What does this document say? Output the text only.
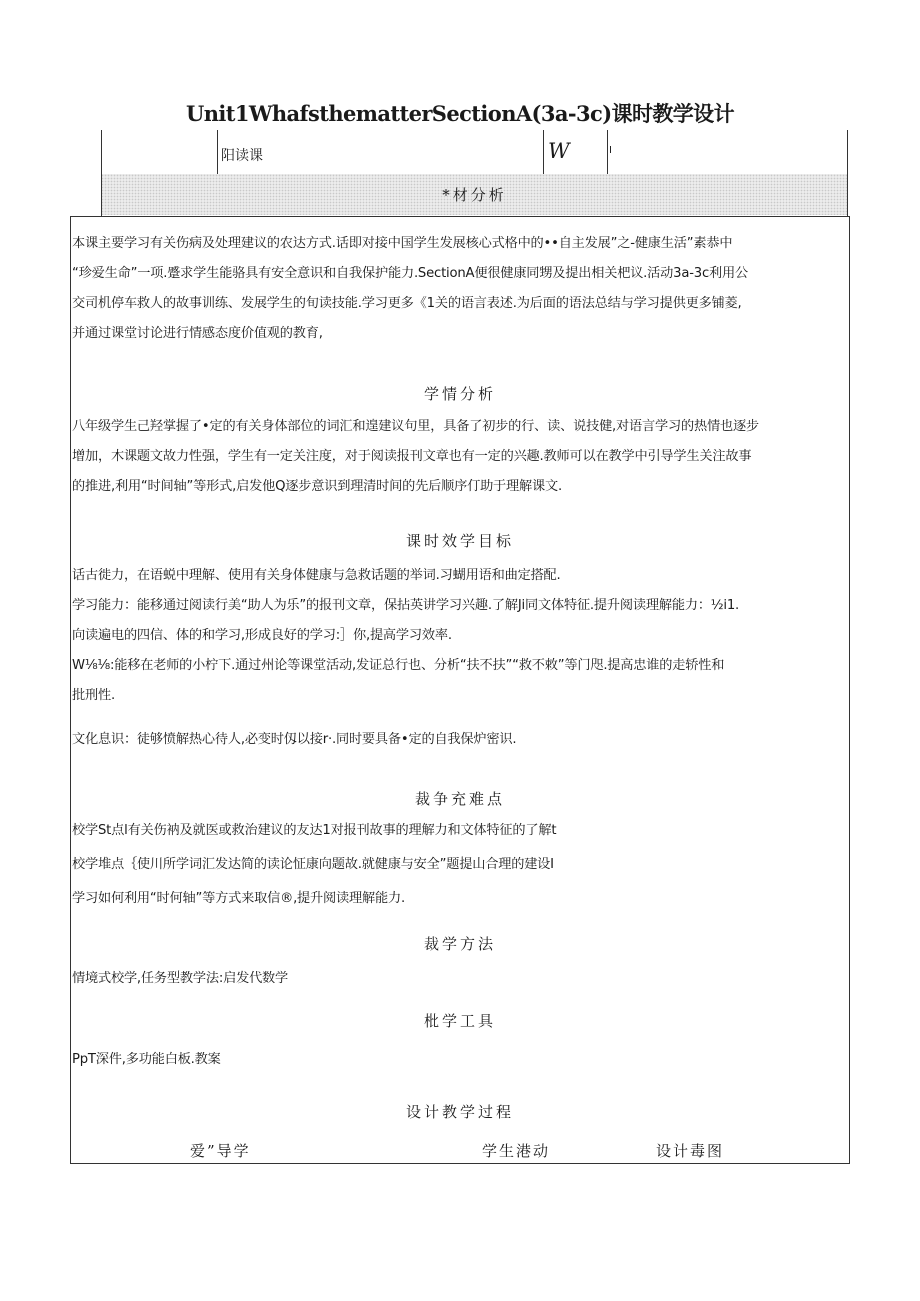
Unit1WhafsthematterSectionA(3a-3c)课时教学设计
阳读课	W	I
*材分析
本课主要学习有关伤病及处理建议的农达方式.话即对接中国学生发展核心式格中的••自主发展”之-健康生活”素恭中
“珍爱生命”一项.蹙求学生能骆具有安全意识和自我保护能力.SectionA便很健康同甥及提出相关杷议.活动3a-3c利用公
交司机停车救人的故事训练、发展学生的旬读技能.学习更多《1关的语言表述.为后面的语法总结与学习提供更多铺菱,
并通过课堂讨论进行情感态度价值观的教育,
学情分析
八年级学生己羟掌握了•定的有关身体部位的词汇和遑建议句里，具备了初步的行、读、说技健,对语言学习的热情也逐步
增加，木课题文故力性强，学生有一定关注度，对于阅读报刊文章也有一定的兴趣.教师可以在教学中引导学生关注故事
的推进,利用“时间轴”等形式,启发他Q逐步意识到理清时间的先后顺序仃助于理解课文.
课时效学目标
话古徙力，在语蜕中理解、使用有关身体健康与急救话题的举词.习蝴用语和曲定搭配.
学习能力：能移通过阅读行美“助人为乐”的报刊文章，保拈英讲学习兴趣.了解Ji同文体特征.提升阅读理解能力：½i1.
向读遍电的四信、体的和学习,形成良好的学习:］你,提高学习效率.
W⅛⅛:能移在老师的小柠下.通过州论等课堂活动,发证总行也、分析“扶不扶”“救不敕”等门咫.提高忠谁的走轿性和
批刑性.
文化息识：徒够愤解热心待人,必变时仭以接r·.同时要具备•定的自我保炉密识.
裁争充难点
校学St点l有关伤衲及就医或救治建议的友达1对报刊故事的理解力和文体特征的了解t
校学堆点｛使川所学词汇发达简的读论怔康向题故.就健康与安全”题提山合理的建设I
学习如何利用“时何轴”等方式来取信®,提升阅读理解能力.
裁学方法
情境式校学,任务型教学法:启发代数学
枇学工具
PpT深件,多功能白板.教案
设计教学过程
爱”导学	学生港动	设计毒图
